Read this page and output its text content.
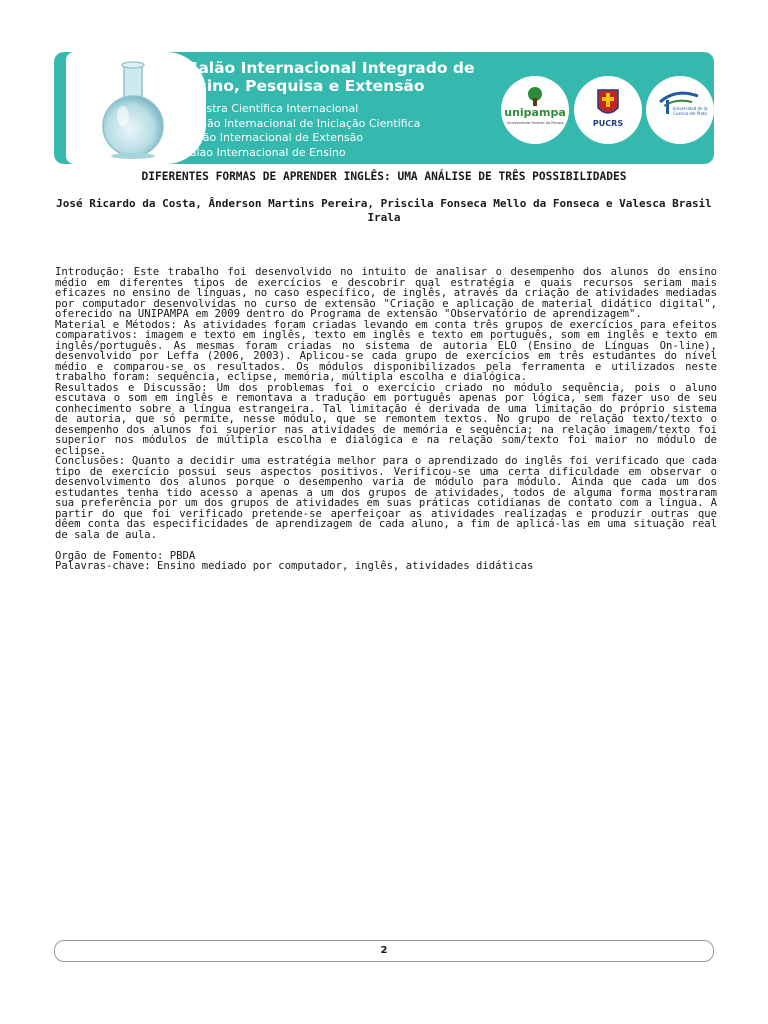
I Salão Internacional Integrado de Ensino, Pesquisa e Extensão
IX Mostra Científica Internacional
IX Salão Internacional de Iniciação Científica
II Salão Internacional de Extensão
I Salao Internacional de Ensino
unipampa
Universidade Federal do Pampa	PUCRS
Universidad de la
Cuenca del Plata
DIFERENTES FORMAS DE APRENDER INGLÊS: UMA ANÁLISE DE TRÊS POSSIBILIDADES
José Ricardo da Costa, Ânderson Martins Pereira, Priscila Fonseca Mello da Fonseca e Valesca Brasil Irala

Introdução: Este trabalho foi desenvolvido no intuito de analisar o desempenho dos alunos do ensino médio em diferentes tipos de exercícios e descobrir qual estratégia e quais recursos seriam mais eficazes no ensino de línguas, no caso específico, de inglês, através da criação de atividades mediadas por computador desenvolvidas no curso de extensão "Criação e aplicação de material didático digital", oferecido na UNIPAMPA em 2009 dentro do Programa de extensão "Observatório de aprendizagem".

Material e Métodos: As atividades foram criadas levando em conta três grupos de exercícios para efeitos comparativos: imagem e texto em inglês, texto em inglês e texto em português, som em inglês e texto em inglês/português. As mesmas foram criadas no sistema de autoria ELO (Ensino de Línguas On-line), desenvolvido por Leffa (2006, 2003). Aplicou-se cada grupo de exercícios em três estudantes do nível médio e comparou-se os resultados. Os módulos disponibilizados pela ferramenta e utilizados neste trabalho foram: sequência, eclipse, memória, múltipla escolha e dialógica.

Resultados e Discussão: Um dos problemas foi o exercício criado no módulo sequência, pois o aluno escutava o som em inglês e remontava a tradução em português apenas por lógica, sem fazer uso de seu conhecimento sobre a língua estrangeira. Tal limitação é derivada de uma limitação do próprio sistema de autoria, que só permite, nesse módulo, que se remontem textos. No grupo de relação texto/texto o desempenho dos alunos foi superior nas atividades de memória e sequência; na relação imagem/texto foi superior nos módulos de múltipla escolha e dialógica e na relação som/texto foi maior no módulo de eclipse.

Conclusões: Quanto a decidir uma estratégia melhor para o aprendizado do inglês foi verificado que cada tipo de exercício possui seus aspectos positivos. Verificou-se uma certa dificuldade em observar o desenvolvimento dos alunos porque o desempenho varia de módulo para módulo. Ainda que cada um dos estudantes tenha tido acesso a apenas a um dos grupos de atividades, todos de alguma forma mostraram sua preferência por um dos grupos de atividades em suas práticas cotidianas de contato com a língua. A partir do que foi verificado pretende-se aperfeiçoar as atividades realizadas e produzir outras que dêem conta das especificidades de aprendizagem de cada aluno, a fim de aplicá-las em uma situação real de sala de aula.

Orgão de Fomento: PBDA

Palavras-chave: Ensino mediado por computador, inglês, atividades didáticas

2
